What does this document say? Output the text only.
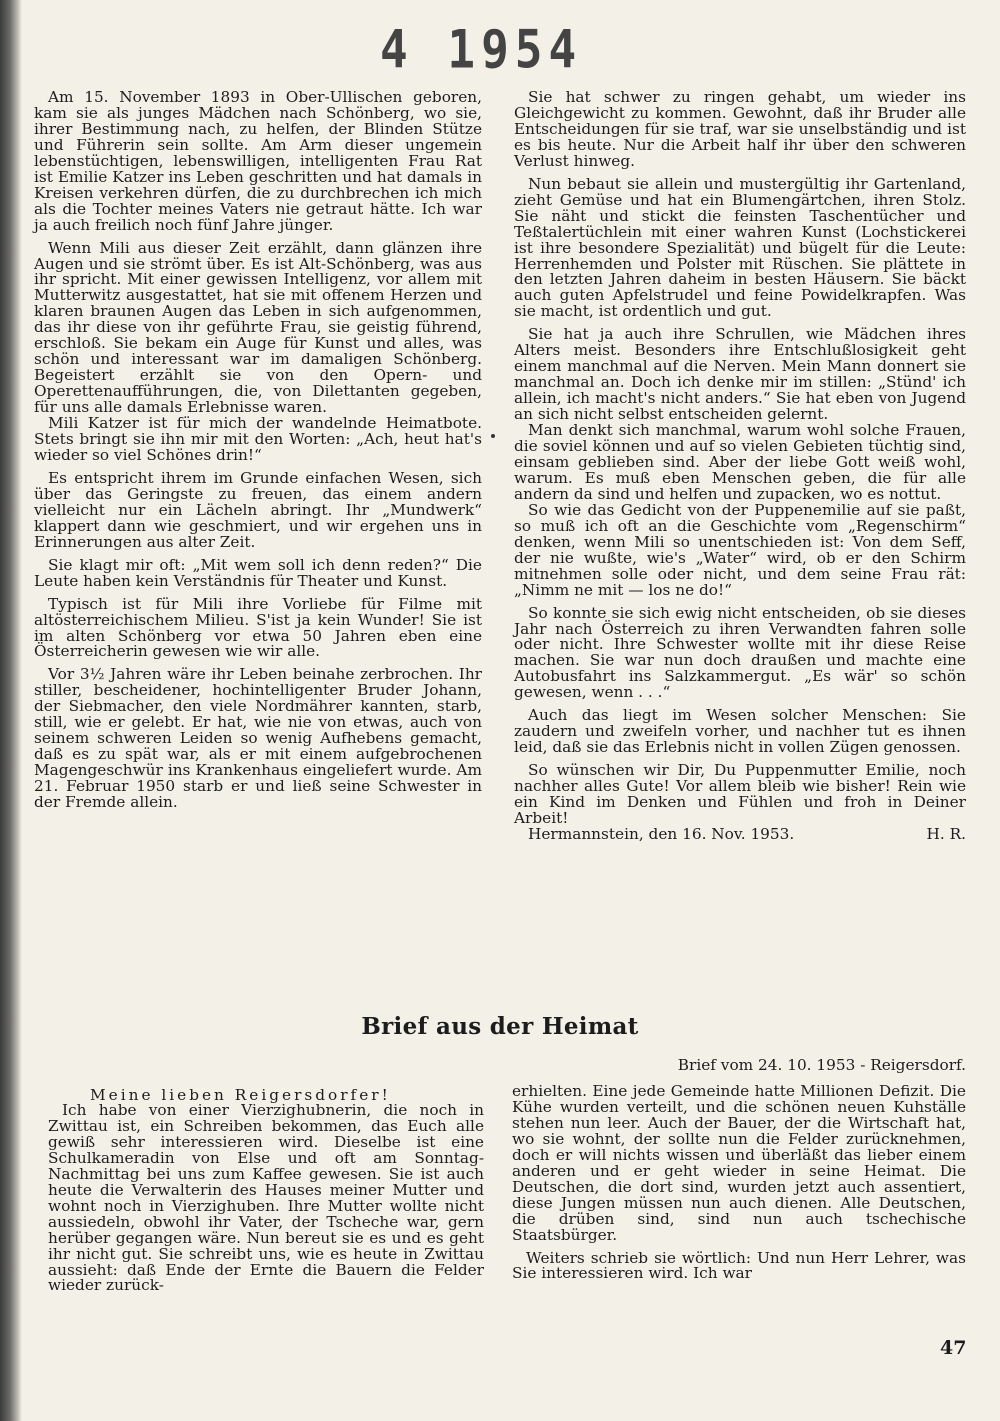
4 1954

Am 15. November 1893 in Ober-Ullischen geboren, kam sie als junges Mädchen nach Schönberg, wo sie, ihrer Bestimmung nach, zu helfen, der Blinden Stütze und Führerin sein sollte. Am Arm dieser ungemein lebenstüchtigen, lebenswilligen, intelligenten Frau Rat ist Emilie Katzer ins Leben geschritten und hat damals in Kreisen verkehren dürfen, die zu durchbrechen ich mich als die Tochter meines Vaters nie getraut hätte. Ich war ja auch freilich noch fünf Jahre jünger.

Wenn Mili aus dieser Zeit erzählt, dann glänzen ihre Augen und sie strömt über. Es ist Alt-Schönberg, was aus ihr spricht. Mit einer gewissen Intelligenz, vor allem mit Mutterwitz ausgestattet, hat sie mit offenem Herzen und klaren braunen Augen das Leben in sich aufgenommen, das ihr diese von ihr geführte Frau, sie geistig führend, erschloß. Sie bekam ein Auge für Kunst und alles, was schön und interessant war im damaligen Schönberg. Begeistert erzählt sie von den Opern- und Operettenaufführungen, die, von Dilettanten gegeben, für uns alle damals Erlebnisse waren.

Mili Katzer ist für mich der wandelnde Heimatbote. Stets bringt sie ihn mir mit den Worten: „Ach, heut hat's wieder so viel Schönes drin!“

Es entspricht ihrem im Grunde einfachen Wesen, sich über das Geringste zu freuen, das einem andern vielleicht nur ein Lächeln abringt. Ihr „Mundwerk“ klappert dann wie geschmiert, und wir ergehen uns in Erinnerungen aus alter Zeit.

Sie klagt mir oft: „Mit wem soll ich denn reden?“ Die Leute haben kein Verständnis für Theater und Kunst.

Typisch ist für Mili ihre Vorliebe für Filme mit altösterreichischem Milieu. S'ist ja kein Wunder! Sie ist im alten Schönberg vor etwa 50 Jahren eben eine Österreicherin gewesen wie wir alle.

Vor 3½ Jahren wäre ihr Leben beinahe zerbrochen. Ihr stiller, bescheidener, hochintelligenter Bruder Johann, der Siebmacher, den viele Nordmährer kannten, starb, still, wie er gelebt. Er hat, wie nie von etwas, auch von seinem schweren Leiden so wenig Aufhebens gemacht, daß es zu spät war, als er mit einem aufgebrochenen Magengeschwür ins Krankenhaus eingeliefert wurde. Am 21. Februar 1950 starb er und ließ seine Schwester in der Fremde allein.

Sie hat schwer zu ringen gehabt, um wieder ins Gleichgewicht zu kommen. Gewohnt, daß ihr Bruder alle Entscheidungen für sie traf, war sie unselbständig und ist es bis heute. Nur die Arbeit half ihr über den schweren Verlust hinweg.

Nun bebaut sie allein und mustergültig ihr Gartenland, zieht Gemüse und hat ein Blumengärtchen, ihren Stolz. Sie näht und stickt die feinsten Taschentücher und Teßtalertüchlein mit einer wahren Kunst (Lochstickerei ist ihre besondere Spezialität) und bügelt für die Leute: Herrenhemden und Polster mit Rüschen. Sie plättete in den letzten Jahren daheim in besten Häusern. Sie bäckt auch guten Apfelstrudel und feine Powidelkrapfen. Was sie macht, ist ordentlich und gut.

Sie hat ja auch ihre Schrullen, wie Mädchen ihres Alters meist. Besonders ihre Entschlußlosigkeit geht einem manchmal auf die Nerven. Mein Mann donnert sie manchmal an. Doch ich denke mir im stillen: „Stünd' ich allein, ich macht's nicht anders.“ Sie hat eben von Jugend an sich nicht selbst entscheiden gelernt.

Man denkt sich manchmal, warum wohl solche Frauen, die soviel können und auf so vielen Gebieten tüchtig sind, einsam geblieben sind. Aber der liebe Gott weiß wohl, warum. Es muß eben Menschen geben, die für alle andern da sind und helfen und zupacken, wo es nottut.

So wie das Gedicht von der Puppenemilie auf sie paßt, so muß ich oft an die Geschichte vom „Regenschirm“ denken, wenn Mili so unentschieden ist: Von dem Seff, der nie wußte, wie's „Water“ wird, ob er den Schirm mitnehmen solle oder nicht, und dem seine Frau rät: „Nimm ne mit — los ne do!“

So konnte sie sich ewig nicht entscheiden, ob sie dieses Jahr nach Österreich zu ihren Verwandten fahren solle oder nicht. Ihre Schwester wollte mit ihr diese Reise machen. Sie war nun doch draußen und machte eine Autobusfahrt ins Salzkammergut. „Es wär' so schön gewesen, wenn . . .“

Auch das liegt im Wesen solcher Menschen: Sie zaudern und zweifeln vorher, und nachher tut es ihnen leid, daß sie das Erlebnis nicht in vollen Zügen genossen.

So wünschen wir Dir, Du Puppenmutter Emilie, noch nachher alles Gute! Vor allem bleib wie bisher! Rein wie ein Kind im Denken und Fühlen und froh in Deiner Arbeit!

Hermannstein, den 16. Nov. 1953.	H. R.
Brief aus der Heimat
Brief vom 24. 10. 1953 - Reigersdorf.
Meine lieben Reigersdorfer!

Ich habe von einer Vierzighubnerin, die noch in Zwittau ist, ein Schreiben bekommen, das Euch alle gewiß sehr interessieren wird. Dieselbe ist eine Schulkameradin von Else und oft am Sonntag-Nachmittag bei uns zum Kaffee gewesen. Sie ist auch heute die Verwalterin des Hauses meiner Mutter und wohnt noch in Vierzighuben. Ihre Mutter wollte nicht aussiedeln, obwohl ihr Vater, der Tscheche war, gern herüber gegangen wäre. Nun bereut sie es und es geht ihr nicht gut. Sie schreibt uns, wie es heute in Zwittau aussieht: daß Ende der Ernte die Bauern die Felder wieder zurück-

erhielten. Eine jede Gemeinde hatte Millionen Defizit. Die Kühe wurden verteilt, und die schönen neuen Kuhställe stehen nun leer. Auch der Bauer, der die Wirtschaft hat, wo sie wohnt, der sollte nun die Felder zurücknehmen, doch er will nichts wissen und überläßt das lieber einem anderen und er geht wieder in seine Heimat. Die Deutschen, die dort sind, wurden jetzt auch assentiert, diese Jungen müssen nun auch dienen. Alle Deutschen, die drüben sind, sind nun auch tschechische Staatsbürger.

Weiters schrieb sie wörtlich: Und nun Herr Lehrer, was Sie interessieren wird. Ich war

47
